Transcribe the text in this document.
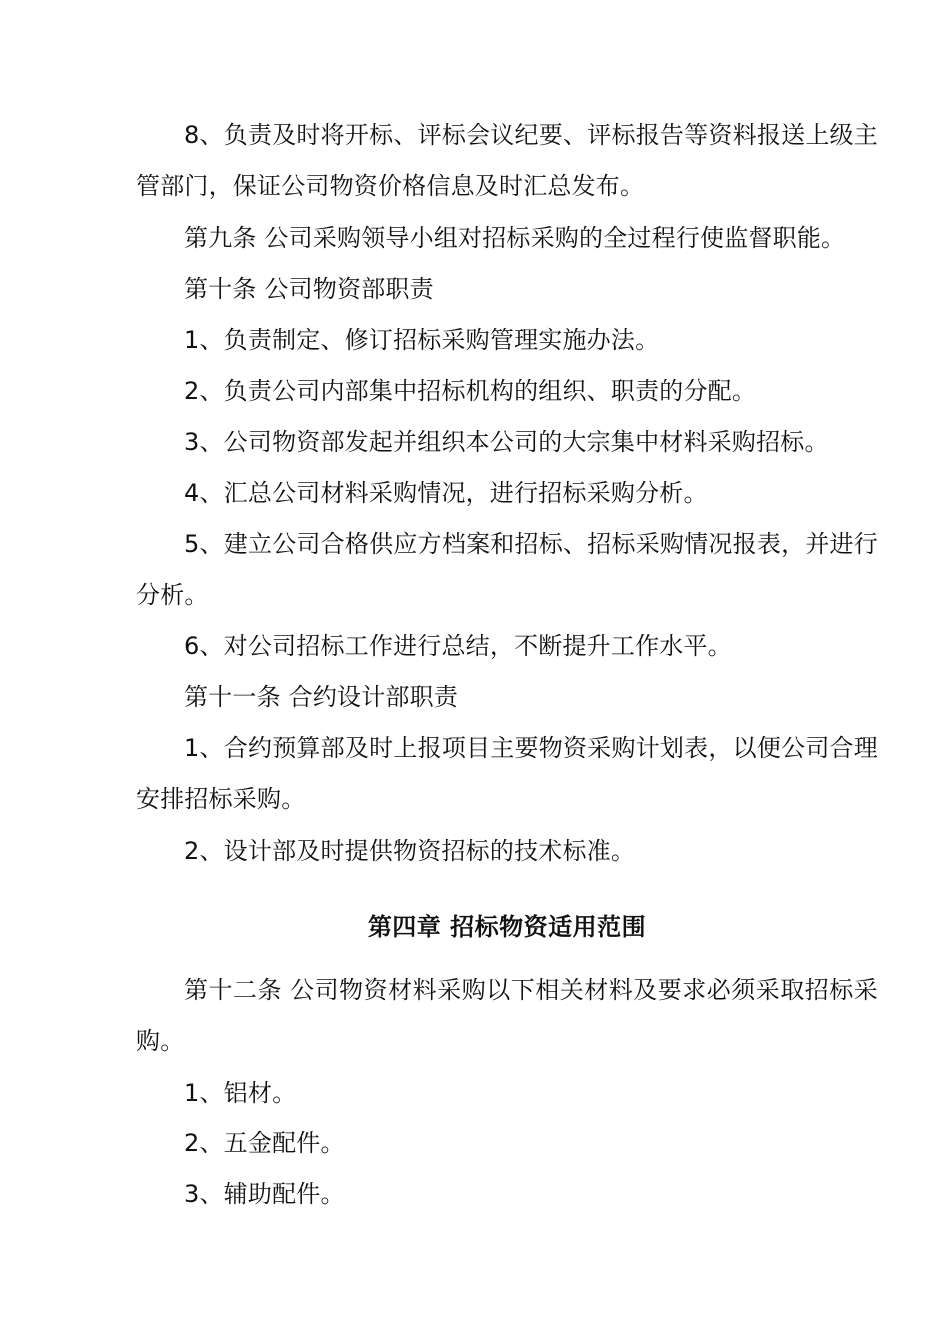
8、负责及时将开标、评标会议纪要、评标报告等资料报送上级主管部门，保证公司物资价格信息及时汇总发布。

第九条 公司采购领导小组对招标采购的全过程行使监督职能。

第十条 公司物资部职责

1、负责制定、修订招标采购管理实施办法。

2、负责公司内部集中招标机构的组织、职责的分配。

3、公司物资部发起并组织本公司的大宗集中材料采购招标。

4、汇总公司材料采购情况，进行招标采购分析。

5、建立公司合格供应方档案和招标、招标采购情况报表，并进行分析。

6、对公司招标工作进行总结，不断提升工作水平。

第十一条 合约设计部职责

1、合约预算部及时上报项目主要物资采购计划表，以便公司合理安排招标采购。

2、设计部及时提供物资招标的技术标准。

第四章 招标物资适用范围

第十二条 公司物资材料采购以下相关材料及要求必须采取招标采购。

1、铝材。

2、五金配件。

3、辅助配件。
